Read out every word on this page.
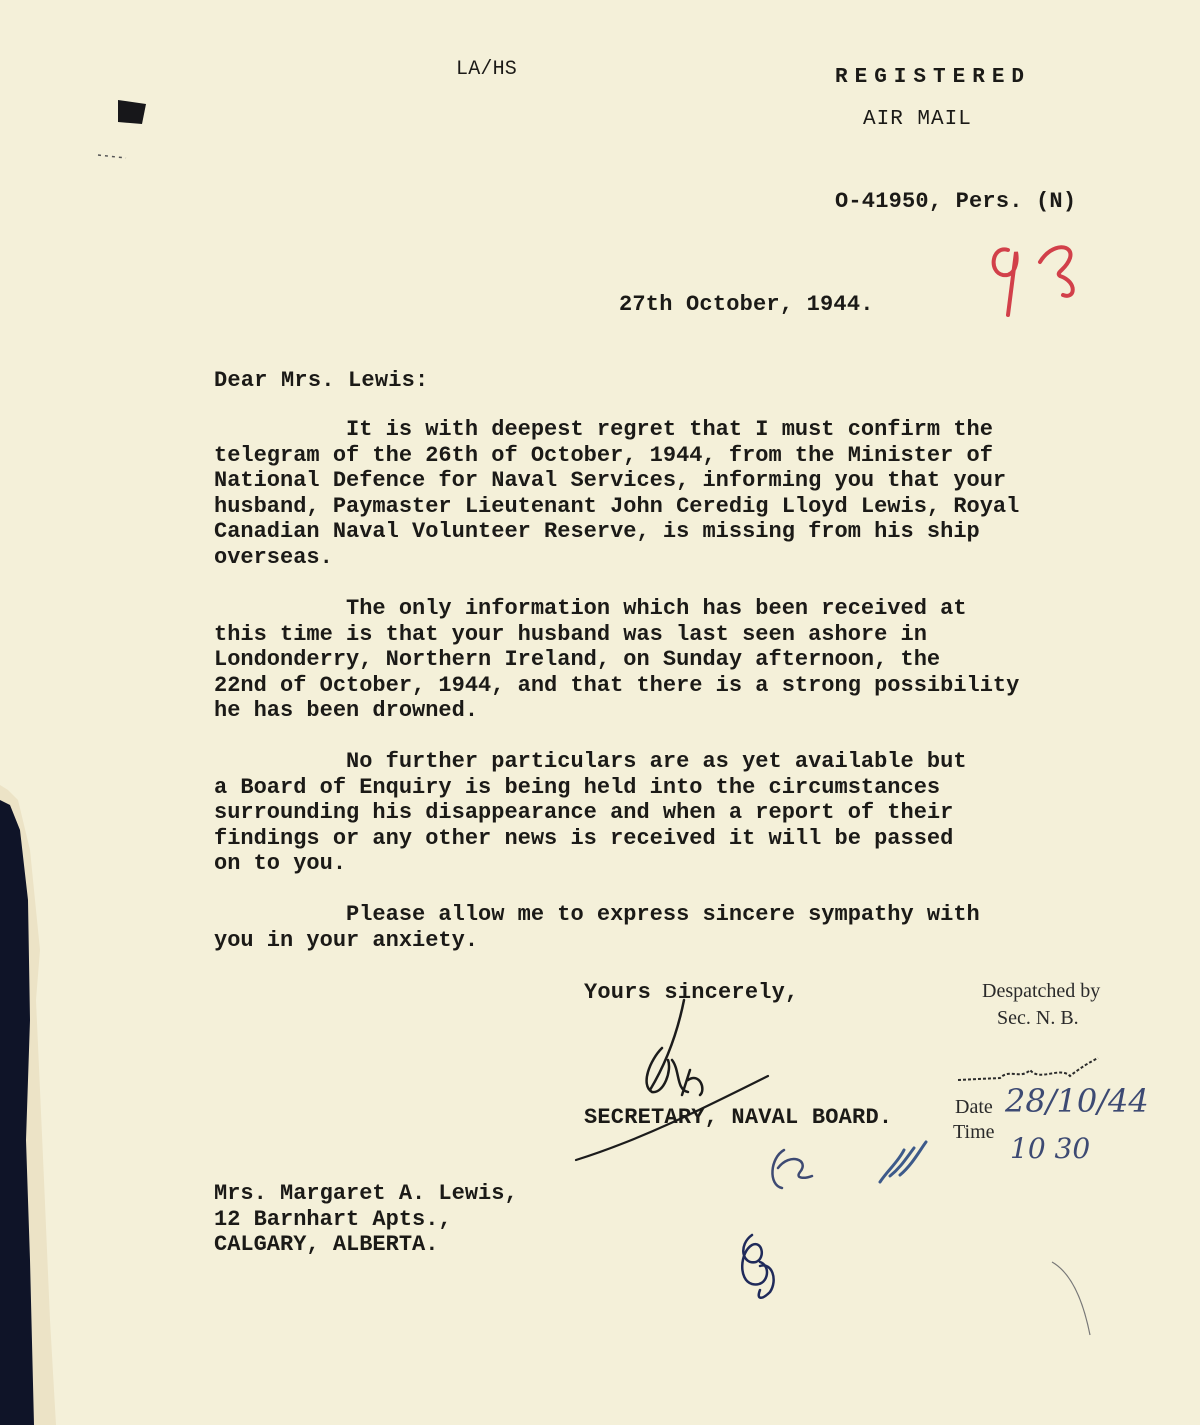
LA/HS	REGISTERED
AIR MAIL
O-41950, Pers. (N)
27th October, 1944.
Dear Mrs. Lewis:
It is with deepest regret that I must confirm the
telegram of the 26th of October, 1944, from the Minister of
National Defence for Naval Services, informing you that your
husband, Paymaster Lieutenant John Ceredig Lloyd Lewis, Royal
Canadian Naval Volunteer Reserve, is missing from his ship
overseas.
The only information which has been received at
this time is that your husband was last seen ashore in
Londonderry, Northern Ireland, on Sunday afternoon, the
22nd of October, 1944, and that there is a strong possibility
he has been drowned.
No further particulars are as yet available but
a Board of Enquiry is being held into the circumstances
surrounding his disappearance and when a report of their
findings or any other news is received it will be passed
on to you.
Please allow me to express sincere sympathy with
you in your anxiety.
Yours sincerely,
SECRETARY, NAVAL BOARD.
Despatched by
Sec. N. B.
Date
Time
28/10/44
10 30
Mrs. Margaret A. Lewis,
12 Barnhart Apts.,
CALGARY, ALBERTA.
